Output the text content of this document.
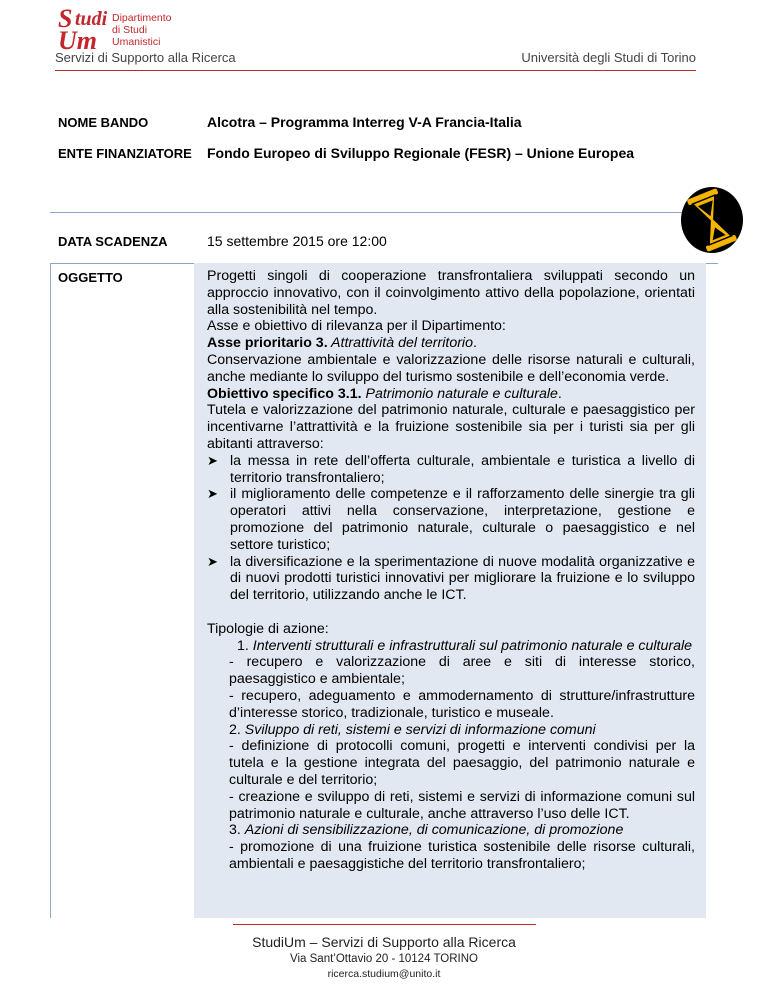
S tudi
Um
Dipartimento
di Studi
Umanistici
Servizi di Supporto alla Ricerca	Università degli Studi di Torino
NOME BANDO	Alcotra – Programma Interreg V-A Francia-Italia
ENTE FINANZIATORE Fondo Europeo di Sviluppo Regionale (FESR) – Unione Europea
DATA SCADENZA	15 settembre 2015 ore 12:00
OGGETTO	Progetti singoli di cooperazione transfrontaliera sviluppati secondo un approccio innovativo, con il coinvolgimento attivo della popolazione, orientati alla sostenibilità nel tempo.

Asse e obiettivo di rilevanza per il Dipartimento:

Asse prioritario 3. Attrattività del territorio.

Conservazione ambientale e valorizzazione delle risorse naturali e culturali, anche mediante lo sviluppo del turismo sostenibile e dell’economia verde.

Obiettivo specifico 3.1. Patrimonio naturale e culturale.

Tutela e valorizzazione del patrimonio naturale, culturale e paesaggistico per incentivarne l’attrattività e la fruizione sostenibile sia per i turisti sia per gli abitanti attraverso:

➤ la messa in rete dell’offerta culturale, ambientale e turistica a livello di territorio transfrontaliero;
➤ il miglioramento delle competenze e il rafforzamento delle sinergie tra gli operatori attivi nella conservazione, interpretazione, gestione e promozione del patrimonio naturale, culturale o paesaggistico e nel settore turistico;
➤ la diversificazione e la sperimentazione di nuove modalità organizzative e di nuovi prodotti turistici innovativi per migliorare la fruizione e lo sviluppo del territorio, utilizzando anche le ICT.

Tipologie di azione:

1. Interventi strutturali e infrastrutturali sul patrimonio naturale e culturale

- recupero e valorizzazione di aree e siti di interesse storico, paesaggistico e ambientale;

- recupero, adeguamento e ammodernamento di strutture/infrastrutture d’interesse storico, tradizionale, turistico e museale.

2. Sviluppo di reti, sistemi e servizi di informazione comuni

- definizione di protocolli comuni, progetti e interventi condivisi per la tutela e la gestione integrata del paesaggio, del patrimonio naturale e culturale e del territorio;

- creazione e sviluppo di reti, sistemi e servizi di informazione comuni sul patrimonio naturale e culturale, anche attraverso l’uso delle ICT.

3. Azioni di sensibilizzazione, di comunicazione, di promozione

- promozione di una fruizione turistica sostenibile delle risorse culturali, ambientali e paesaggistiche del territorio transfrontaliero;

StudiUm – Servizi di Supporto alla Ricerca
Via Sant’Ottavio 20 - 10124 TORINO
ricerca.studium@unito.it
